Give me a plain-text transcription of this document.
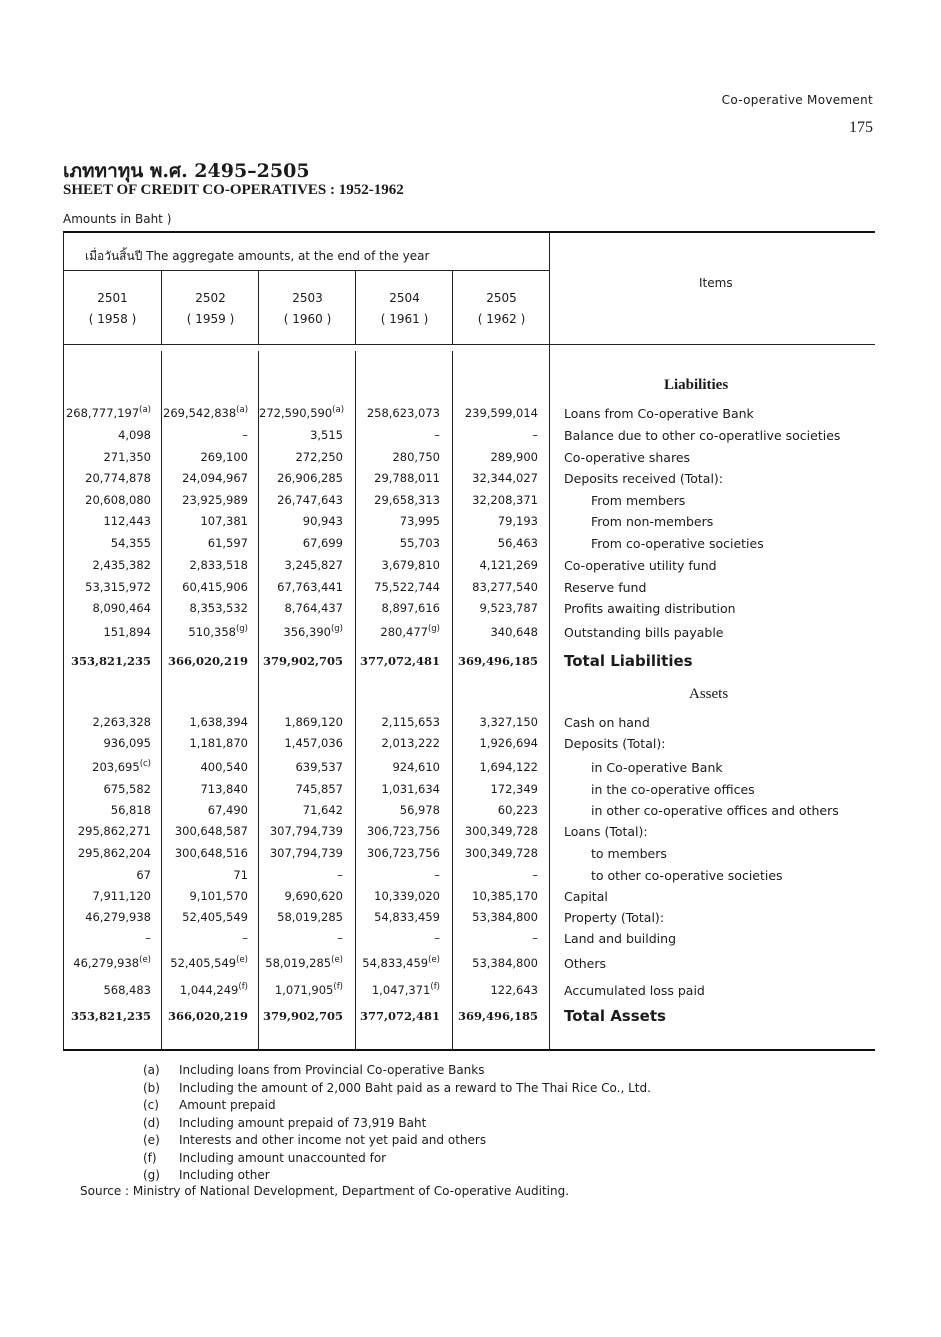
Co-operative Movement
175
เภททาทุน พ.ศ. 2495–2505
SHEET OF CREDIT CO-OPERATIVES : 1952-1962
Amounts in Baht )
เมื่อวันสิ้นปี The aggregate amounts, at the end of the year
Items
2501
( 1958 )
2502
( 1959 )
2503
( 1960 )
2504
( 1961 )
2505
( 1962 )
Liabilities
268,777,197$^{(a)}$ 269,542,838$^{(a)}$ 272,590,590$^{(a)}$	258,623,073	239,599,014 Loans from Co-operative Bank
4,098	–	3,515	–	– Balance due to other co-operatlive societies
271,350	269,100	272,250	280,750	289,900 Co-operative shares
20,774,878	24,094,967	26,906,285	29,788,011	32,344,027 Deposits received (Total):
20,608,080	23,925,989	26,747,643	29,658,313	32,208,371	From members
112,443	107,381	90,943	73,995	79,193	From non-members
54,355	61,597	67,699	55,703	56,463	From co-operative societies
2,435,382	2,833,518	3,245,827	3,679,810	4,121,269 Co-operative utility fund
53,315,972	60,415,906	67,763,441	75,522,744	83,277,540 Reserve fund
8,090,464	8,353,532	8,764,437	8,897,616	9,523,787 Profits awaiting distribution
151,894	510,358$^{(g)}$	356,390$^{(g)}$	280,477$^{(g)}$	340,648 Outstanding bills payable
353,821,235	366,020,219	379,902,705	377,072,481	369,496,185 Total Liabilities
Assets
2,263,328	1,638,394	1,869,120	2,115,653	3,327,150 Cash on hand
936,095	1,181,870	1,457,036	2,013,222	1,926,694 Deposits (Total):
203,695$^{(c)}$	400,540	639,537	924,610	1,694,122	in Co-operative Bank
675,582	713,840	745,857	1,031,634	172,349	in the co-operative offices
56,818	67,490	71,642	56,978	60,223	in other co-operative offices and others
295,862,271	300,648,587	307,794,739	306,723,756	300,349,728 Loans (Total):
295,862,204	300,648,516	307,794,739	306,723,756	300,349,728	to members
67	71	–	–	–	to other co-operative societies
7,911,120	9,101,570	9,690,620	10,339,020	10,385,170 Capital
46,279,938	52,405,549	58,019,285	54,833,459	53,384,800 Property (Total):
–	–	–	–	– Land and building
46,279,938$^{(e)}$	52,405,549$^{(e)}$	58,019,285$^{(e)}$	54,833,459$^{(e)}$	53,384,800 Others
568,483	1,044,249$^{(f)}$	1,071,905$^{(f)}$	1,047,371$^{(f)}$	122,643 Accumulated loss paid
353,821,235	366,020,219	379,902,705	377,072,481	369,496,185 Total Assets
(a) Including loans from Provincial Co-operative Banks
(b) Including the amount of 2,000 Baht paid as a reward to The Thai Rice Co., Ltd.
(c) Amount prepaid
(d) Including amount prepaid of 73,919 Baht
(e) Interests and other income not yet paid and others
(f) Including amount unaccounted for
(g) Including other
Source : Ministry of National Development, Department of Co-operative Auditing.
